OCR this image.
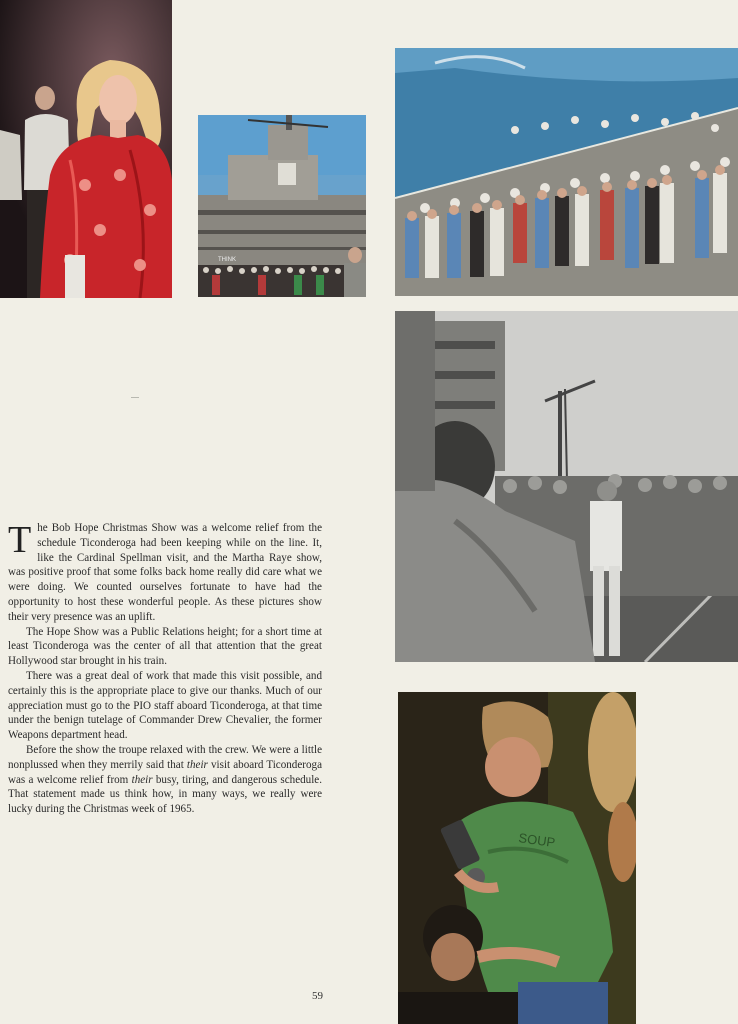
THINK
SOUP

The Bob Hope Christmas Show was a welcome relief from the schedule Ticonderoga had been keeping while on the line. It, like the Cardinal Spellman visit, and the Martha Raye show, was positive proof that some folks back home really did care what we were doing. We counted ourselves fortunate to have had the opportunity to host these wonderful people. As these pictures show their very presence was an uplift.

The Hope Show was a Public Relations height; for a short time at least Ticonderoga was the center of all that attention that the great Hollywood star brought in his train.

There was a great deal of work that made this visit possible, and certainly this is the appropriate place to give our thanks. Much of our appreciation must go to the PIO staff aboard Ticonderoga, at that time under the benign tutelage of Commander Drew Chevalier, the former Weapons department head.

Before the show the troupe relaxed with the crew. We were a little nonplussed when they merrily said that their visit aboard Ticonderoga was a welcome relief from their busy, tiring, and dangerous schedule. That statement made us think how, in many ways, we really were lucky during the Christmas week of 1965.

59
